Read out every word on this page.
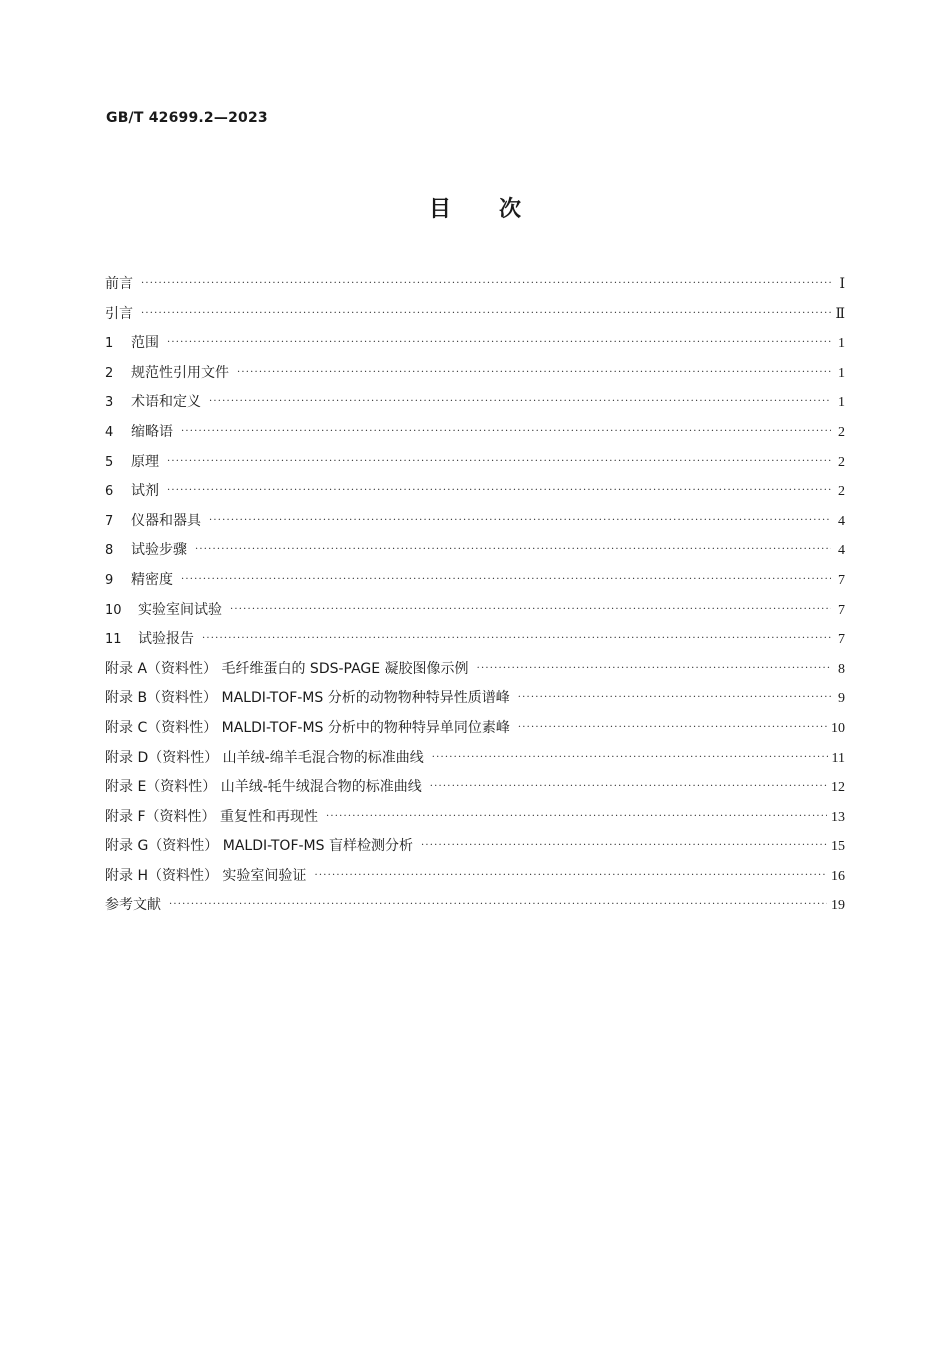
GB/T 42699.2—2023
目次
前言 ·····	Ⅰ
引言 ·····	Ⅱ
1	范围 ·····	1
2	规范性引用文件 ·····	1
3	术语和定义 ·····	1
4	缩略语 ·····	2
5	原理 ·····	2
6	试剂 ·····	2
7	仪器和器具 ·····	4
8	试验步骤 ·····	4
9	精密度 ·····	7
10	实验室间试验 ·····	7
11	试验报告 ·····	7
附录 A（资料性） 毛纤维蛋白的 SDS-PAGE 凝胶图像示例 ·····	8
附录 B（资料性） MALDI-TOF-MS 分析的动物物种特异性质谱峰 ·····	9
附录 C（资料性） MALDI-TOF-MS 分析中的物种特异单同位素峰 ·····	10
附录 D（资料性） 山羊绒-绵羊毛混合物的标准曲线 ·····	11
附录 E（资料性） 山羊绒-牦牛绒混合物的标准曲线 ·····	12
附录 F（资料性） 重复性和再现性 ·····	13
附录 G（资料性） MALDI-TOF-MS 盲样检测分析 ·····	15
附录 H（资料性） 实验室间验证 ·····	16
参考文献 ·····	19
